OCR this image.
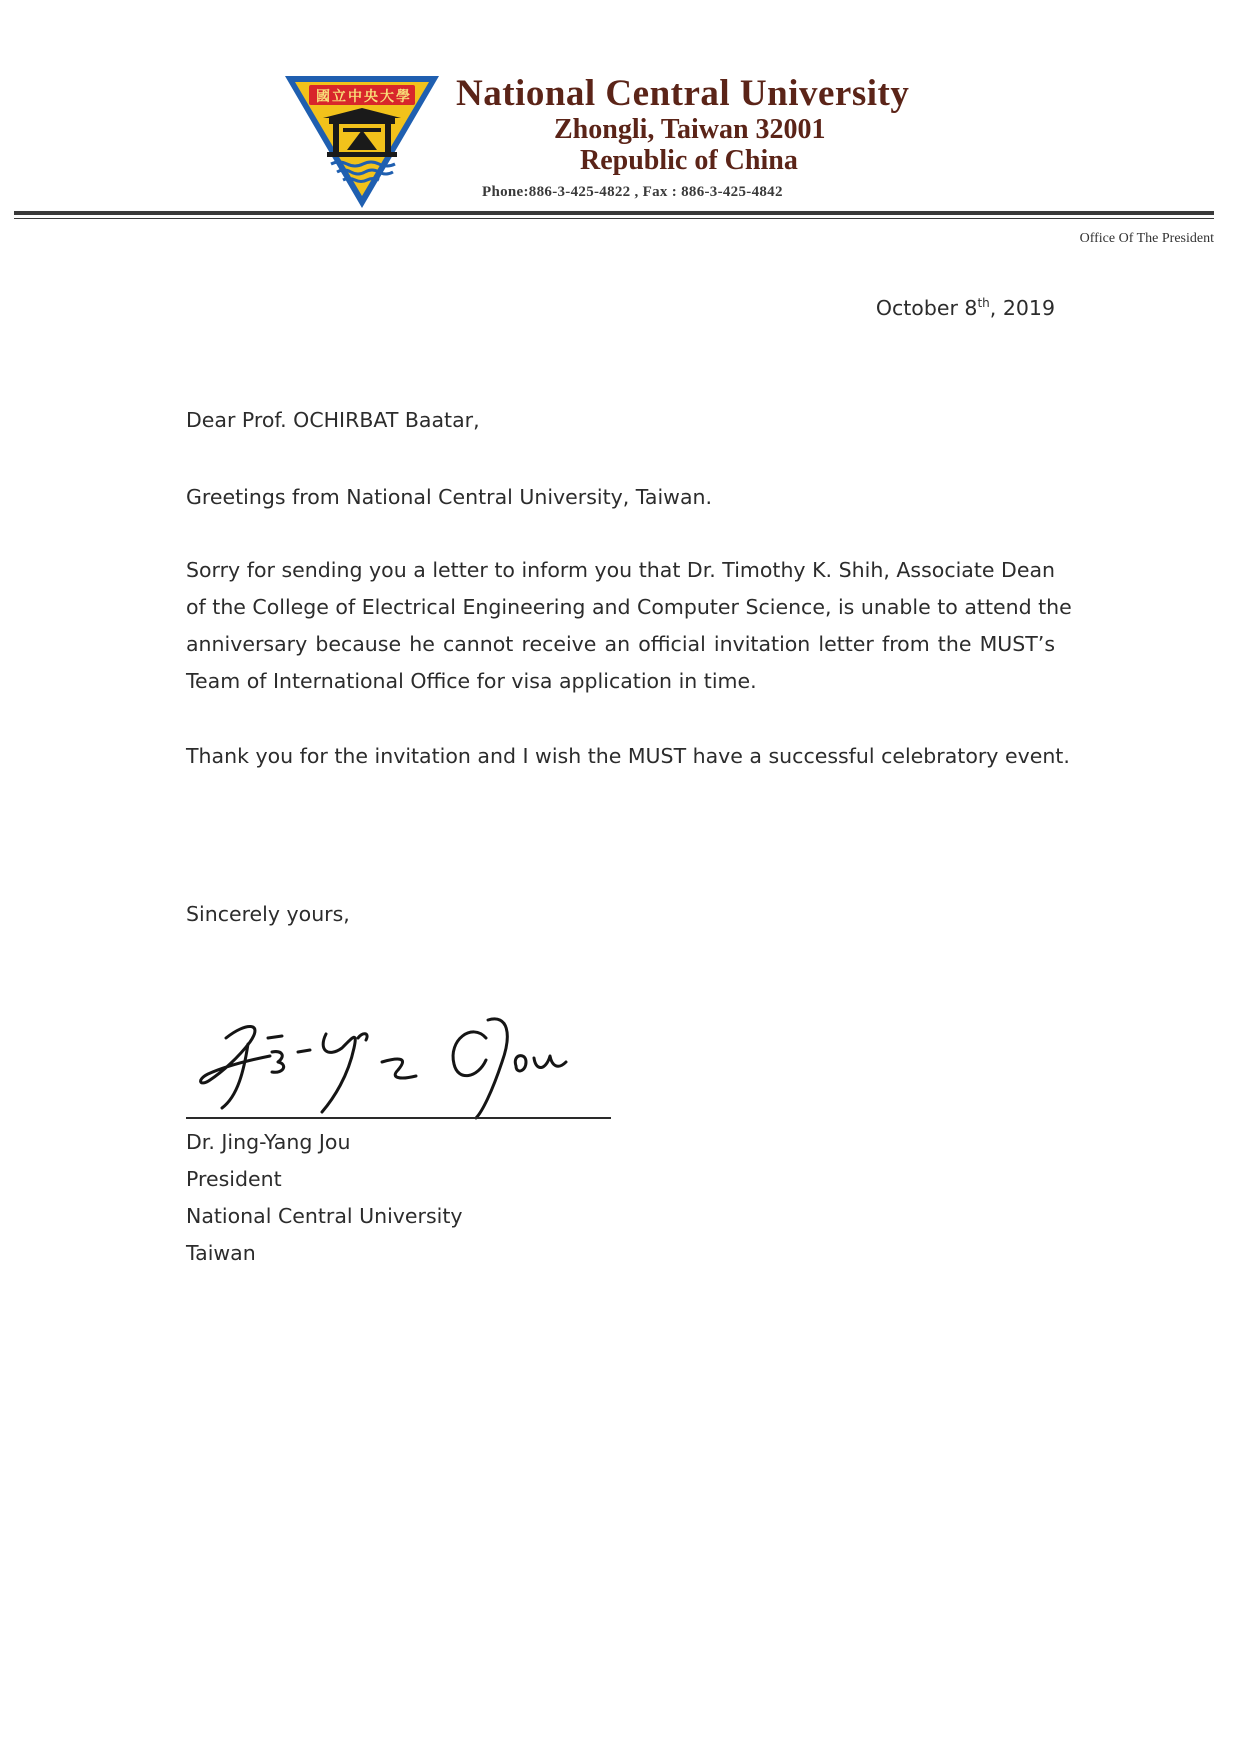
國立中央大學 National Central University
Zhongli, Taiwan 32001
Republic of China
Phone:886-3-425-4822 , Fax : 886-3-425-4842
Office Of The President
October 8th, 2019
Dear Prof. OCHIRBAT Baatar,
Greetings from National Central University, Taiwan.
Sorry for sending you a letter to inform you that Dr. Timothy K. Shih, Associate Dean
of the College of Electrical Engineering and Computer Science, is unable to attend the
anniversary because he cannot receive an official invitation letter from the MUST’s
Team of International Office for visa application in time.
Thank you for the invitation and I wish the MUST have a successful celebratory event.
Sincerely yours,
Dr. Jing-Yang Jou
President
National Central University
Taiwan
